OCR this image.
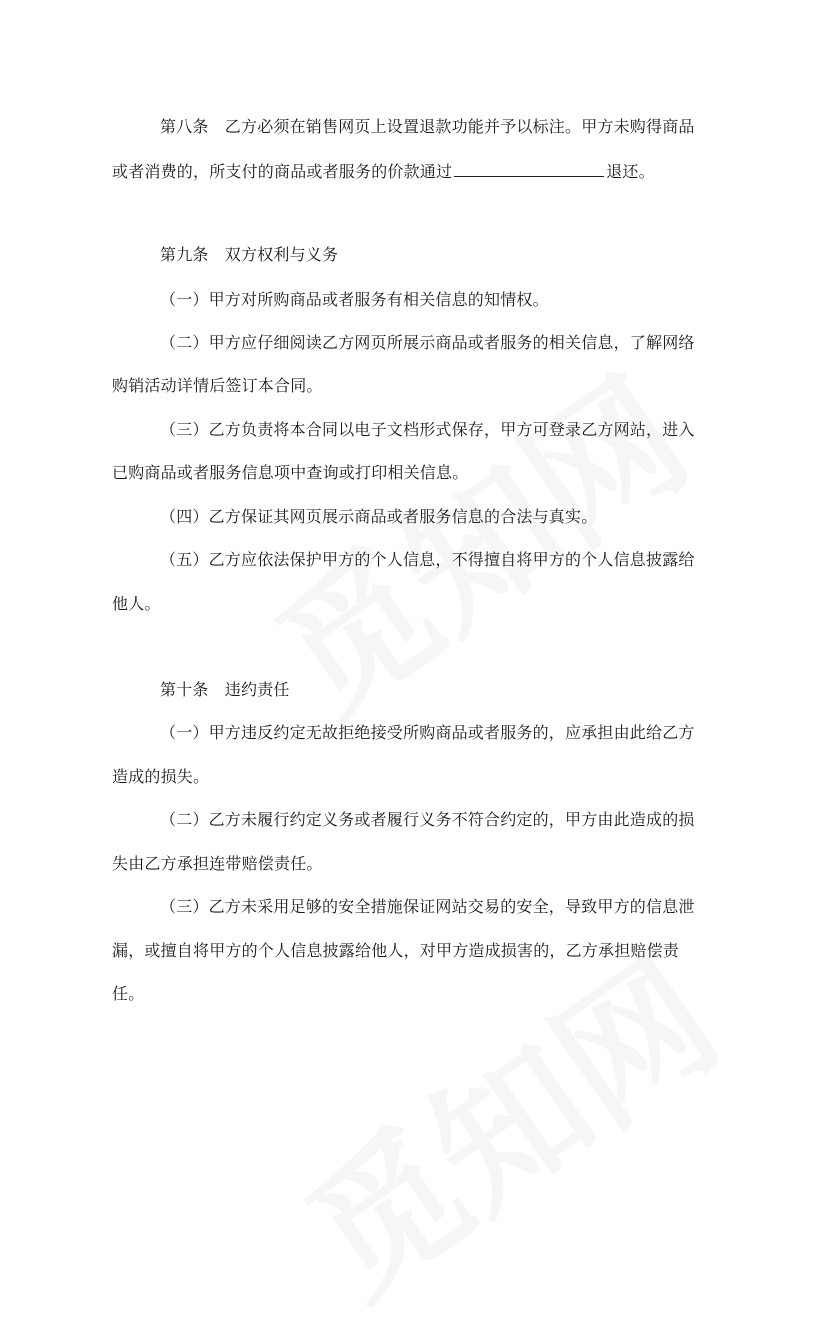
第八条　乙方必须在销售网页上设置退款功能并予以标注。甲方未购得商品
或者消费的，所支付的商品或者服务的价款通过	退还。
第九条　双方权利与义务
（一）甲方对所购商品或者服务有相关信息的知情权。
（二）甲方应仔细阅读乙方网页所展示商品或者服务的相关信息，了解网络
购销活动详情后签订本合同。
（三）乙方负责将本合同以电子文档形式保存，甲方可登录乙方网站，进入
已购商品或者服务信息项中查询或打印相关信息。
（四）乙方保证其网页展示商品或者服务信息的合法与真实。
（五）乙方应依法保护甲方的个人信息，不得擅自将甲方的个人信息披露给
他人。
第十条　违约责任
（一）甲方违反约定无故拒绝接受所购商品或者服务的，应承担由此给乙方
造成的损失。
（二）乙方未履行约定义务或者履行义务不符合约定的，甲方由此造成的损
失由乙方承担连带赔偿责任。
（三）乙方未采用足够的安全措施保证网站交易的安全，导致甲方的信息泄
漏，或擅自将甲方的个人信息披露给他人，对甲方造成损害的，乙方承担赔偿责
任。
